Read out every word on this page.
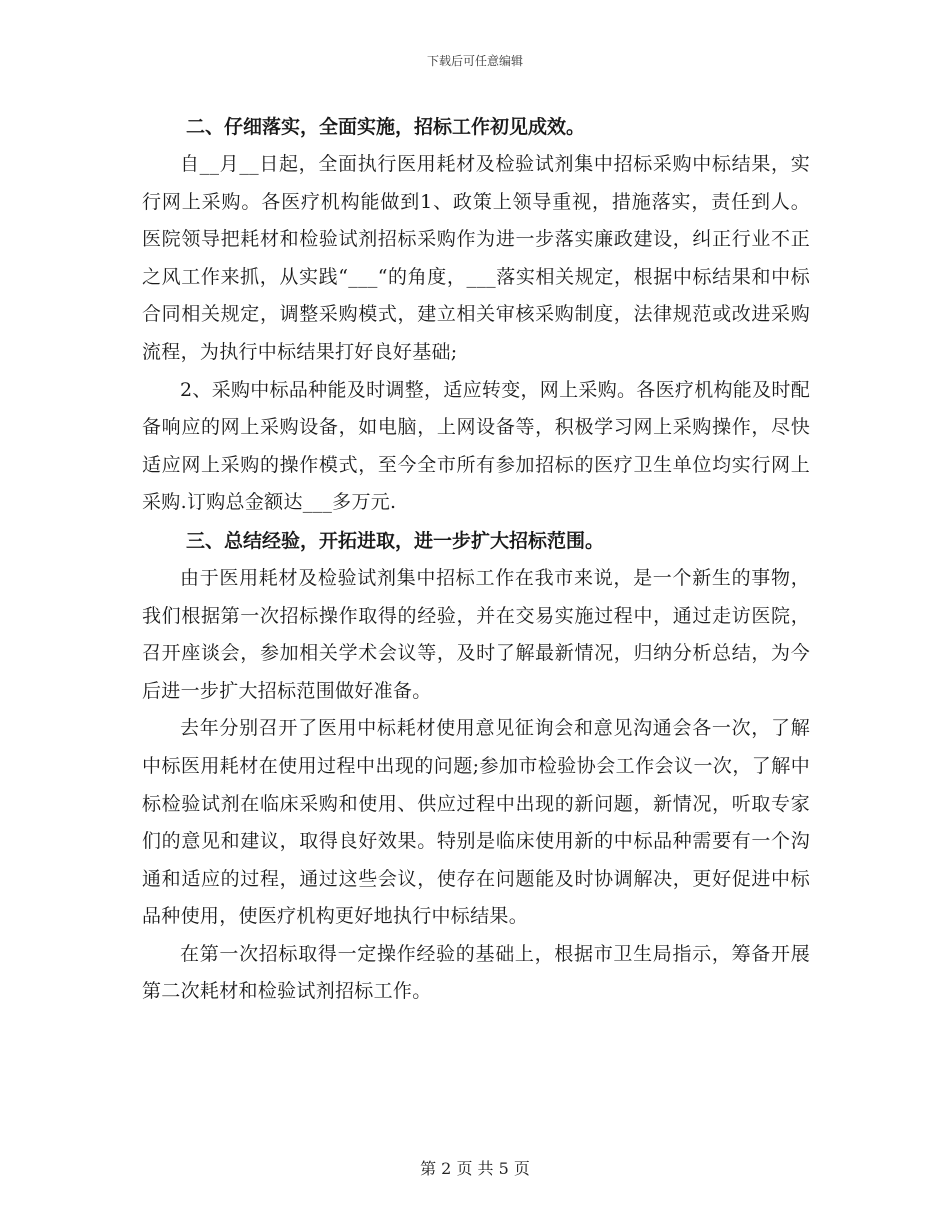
下载后可任意编辑
二、仔细落实，全面实施，招标工作初见成效。

自__月__日起，全面执行医用耗材及检验试剂集中招标采购中标结果，实行网上采购。各医疗机构能做到1、政策上领导重视，措施落实，责任到人。医院领导把耗材和检验试剂招标采购作为进一步落实廉政建设，纠正行业不正之风工作来抓，从实践“___“的角度，___落实相关规定，根据中标结果和中标合同相关规定，调整采购模式，建立相关审核采购制度，法律规范或改进采购流程，为执行中标结果打好良好基础;

2、采购中标品种能及时调整，适应转变，网上采购。各医疗机构能及时配备响应的网上采购设备，如电脑，上网设备等，积极学习网上采购操作，尽快适应网上采购的操作模式，至今全市所有参加招标的医疗卫生单位均实行网上采购.订购总金额达___多万元.

三、总结经验，开拓进取，进一步扩大招标范围。

由于医用耗材及检验试剂集中招标工作在我市来说，是一个新生的事物，我们根据第一次招标操作取得的经验，并在交易实施过程中，通过走访医院，召开座谈会，参加相关学术会议等，及时了解最新情况，归纳分析总结，为今后进一步扩大招标范围做好准备。

去年分别召开了医用中标耗材使用意见征询会和意见沟通会各一次，了解中标医用耗材在使用过程中出现的问题;参加市检验协会工作会议一次，了解中标检验试剂在临床采购和使用、供应过程中出现的新问题，新情况，听取专家们的意见和建议，取得良好效果。特别是临床使用新的中标品种需要有一个沟通和适应的过程，通过这些会议，使存在问题能及时协调解决，更好促进中标品种使用，使医疗机构更好地执行中标结果。

在第一次招标取得一定操作经验的基础上，根据市卫生局指示，筹备开展第二次耗材和检验试剂招标工作。

第 2 页 共 5 页
